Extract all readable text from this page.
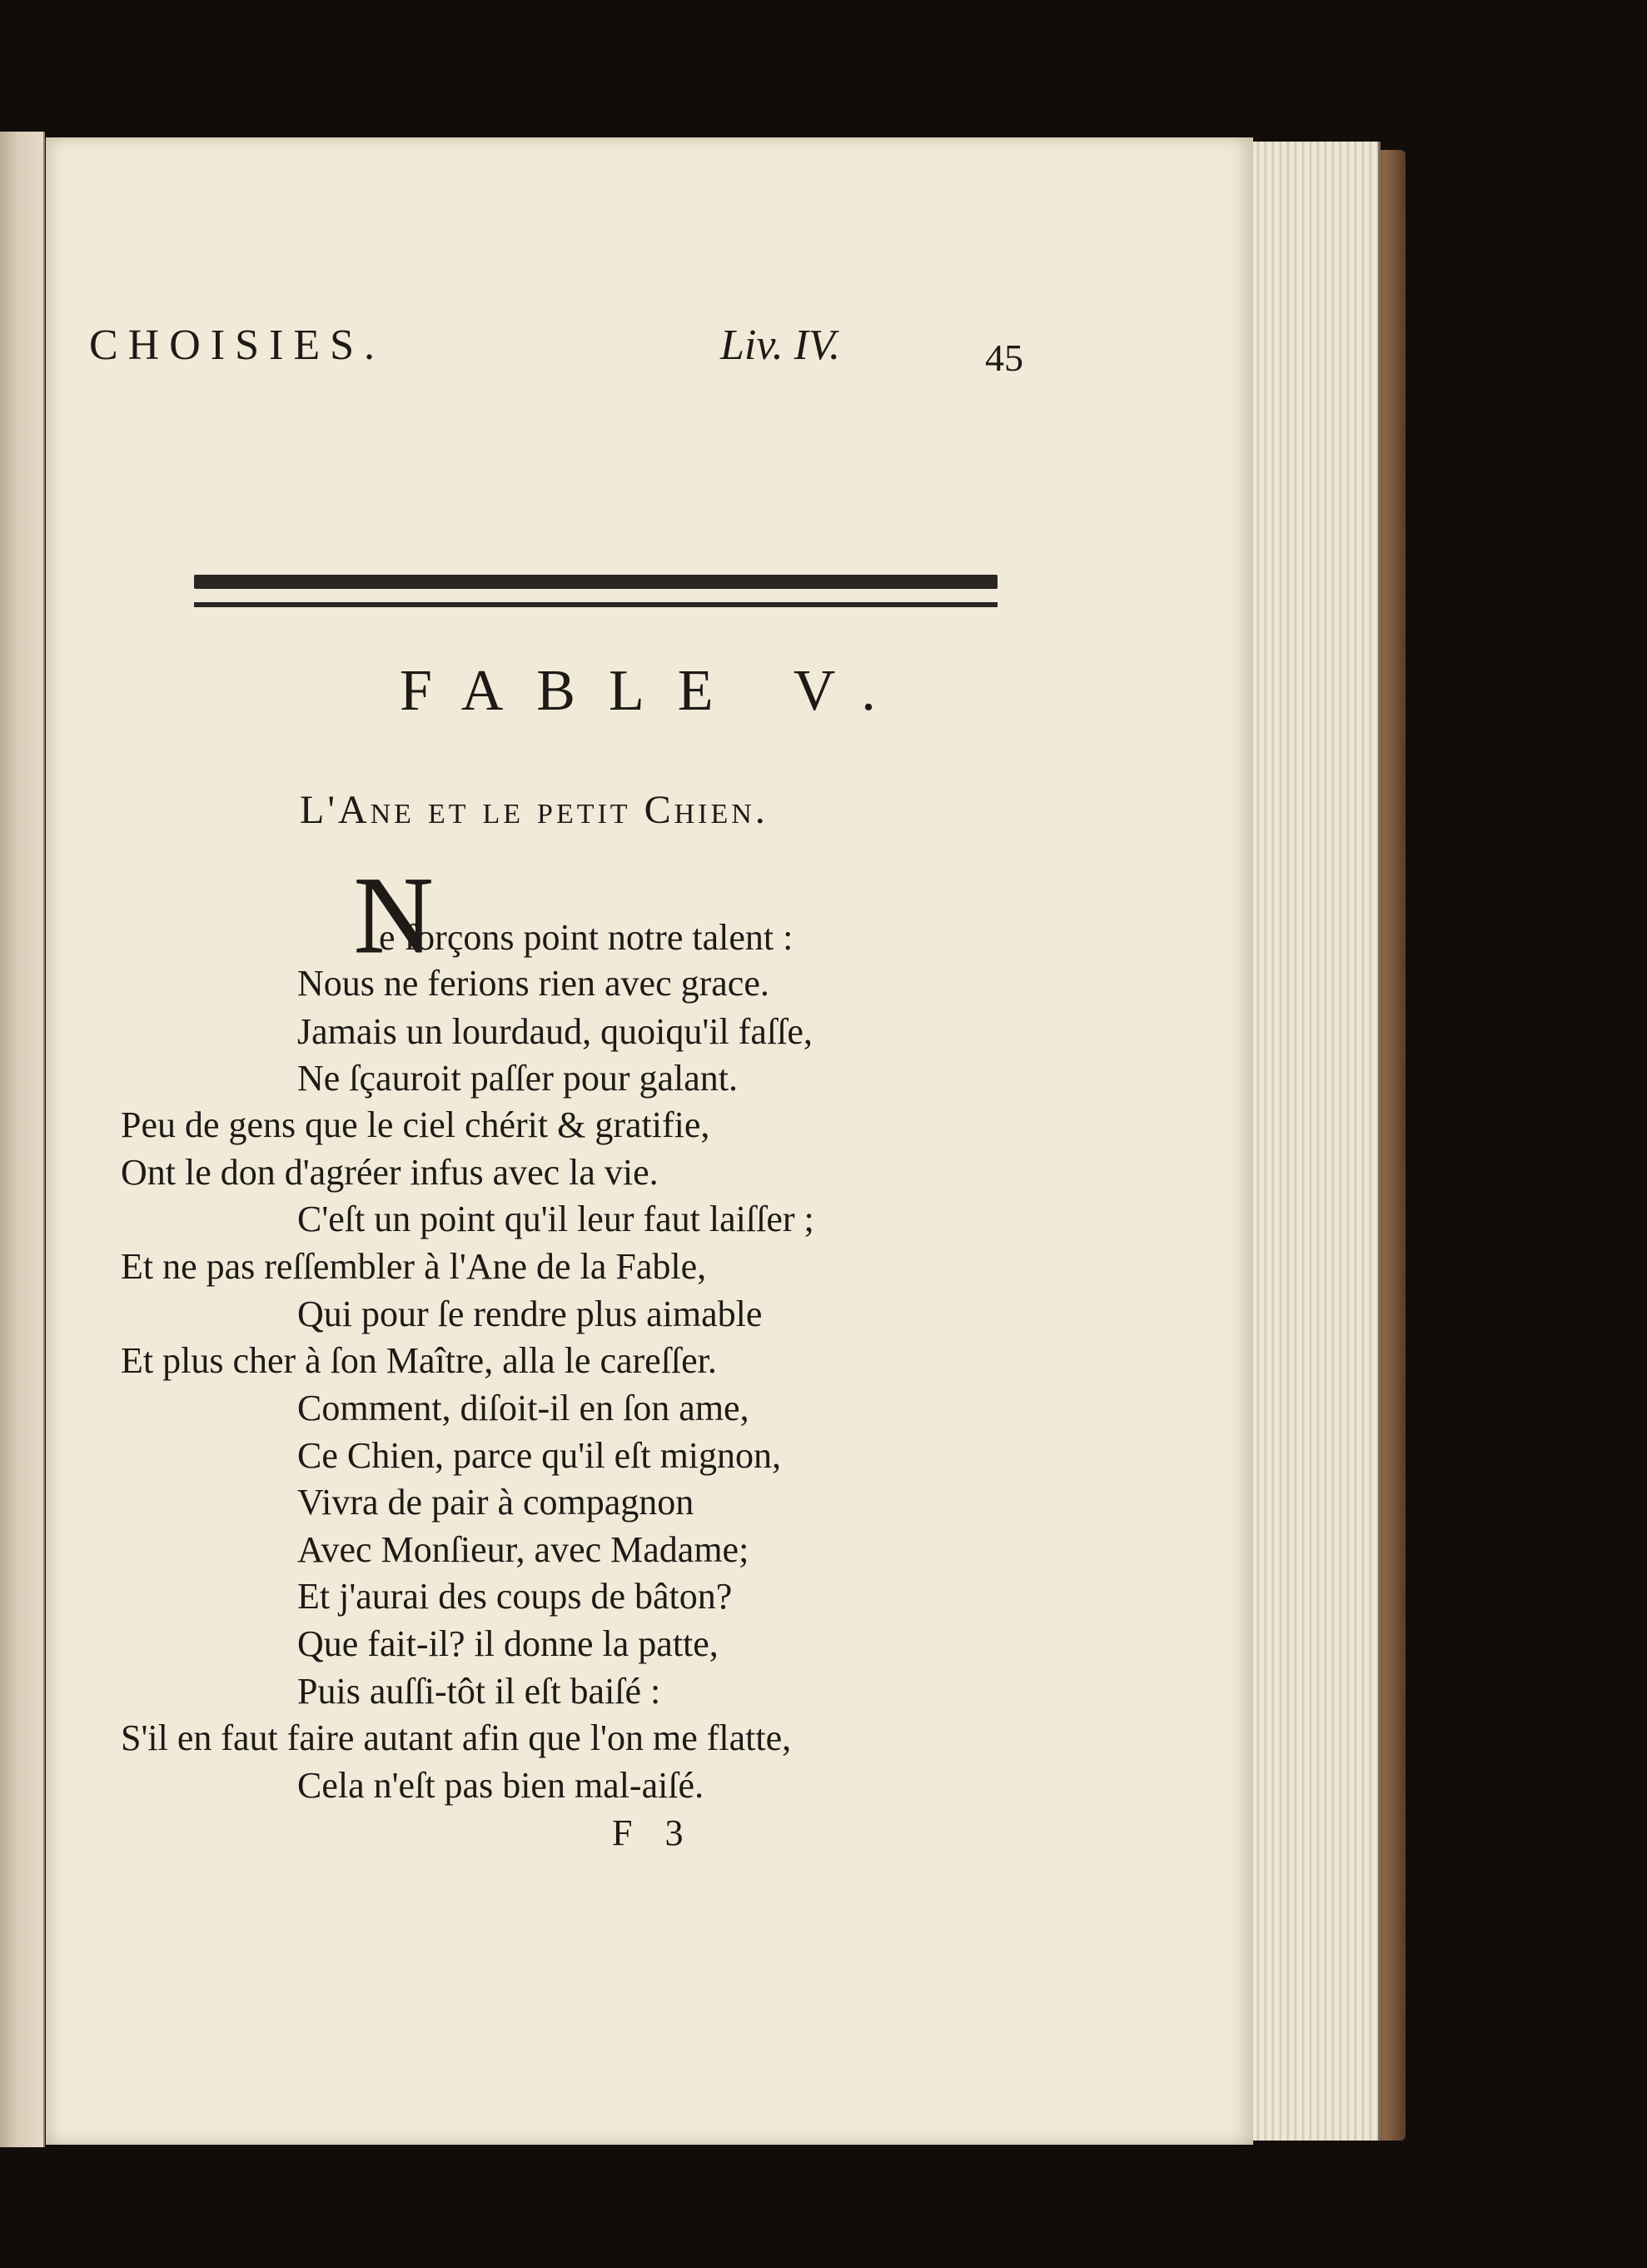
CHOISIES.	Liv. IV.	45
FABLE V.
L'Ane et le petit Chien.
N
e forçons point notre talent :
Nous ne ferions rien avec grace.
Jamais un lourdaud, quoiqu'il faſſe,
Ne ſçauroit paſſer pour galant.
Peu de gens que le ciel chérit & gratifie,
Ont le don d'agréer infus avec la vie.
C'eſt un point qu'il leur faut laiſſer ;
Et ne pas reſſembler à l'Ane de la Fable,
Qui pour ſe rendre plus aimable
Et plus cher à ſon Maître, alla le careſſer.
Comment, diſoit-il en ſon ame,
Ce Chien, parce qu'il eſt mignon,
Vivra de pair à compagnon
Avec Monſieur, avec Madame;
Et j'aurai des coups de bâton?
Que fait-il? il donne la patte,
Puis auſſi-tôt il eſt baiſé :
S'il en faut faire autant afin que l'on me flatte,
Cela n'eſt pas bien mal-aiſé.
F 3
